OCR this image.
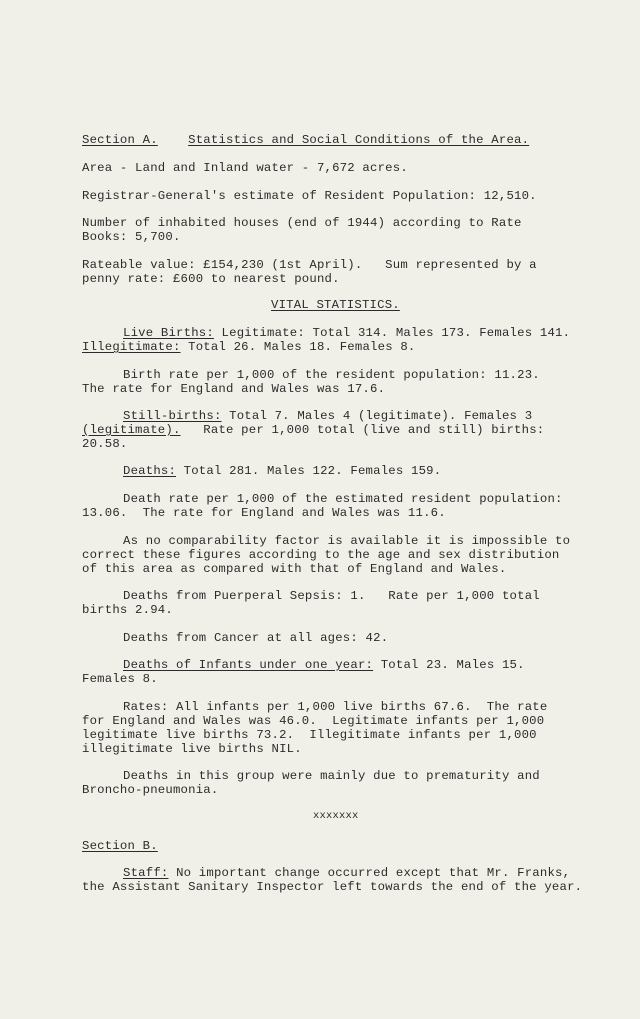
Section A. Statistics and Social Conditions of the Area.
Area - Land and Inland water - 7,672 acres.
Registrar-General's estimate of Resident Population: 12,510.
Number of inhabited houses (end of 1944) according to Rate
Books: 5,700.
Rateable value: £154,230 (1st April).   Sum represented by a
penny rate: £600 to nearest pound.
VITAL STATISTICS.
Live Births: Legitimate: Total 314. Males 173. Females 141.
Illegitimate: Total 26. Males 18. Females 8.
Birth rate per 1,000 of the resident population: 11.23.
The rate for England and Wales was 17.6.
Still-births: Total 7. Males 4 (legitimate). Females 3
(legitimate).   Rate per 1,000 total (live and still) births:
20.58.
Deaths: Total 281. Males 122. Females 159.
Death rate per 1,000 of the estimated resident population:
13.06.  The rate for England and Wales was 11.6.
As no comparability factor is available it is impossible to
correct these figures according to the age and sex distribution
of this area as compared with that of England and Wales.
Deaths from Puerperal Sepsis: 1.   Rate per 1,000 total
births 2.94.
Deaths from Cancer at all ages: 42.
Deaths of Infants under one year: Total 23. Males 15.
Females 8.
Rates: All infants per 1,000 live births 67.6.  The rate
for England and Wales was 46.0.  Legitimate infants per 1,000
legitimate live births 73.2.  Illegitimate infants per 1,000
illegitimate live births NIL.
Deaths in this group were mainly due to prematurity and
Broncho-pneumonia.
xxxxxxx
Section B.
Staff: No important change occurred except that Mr. Franks,
the Assistant Sanitary Inspector left towards the end of the year.
